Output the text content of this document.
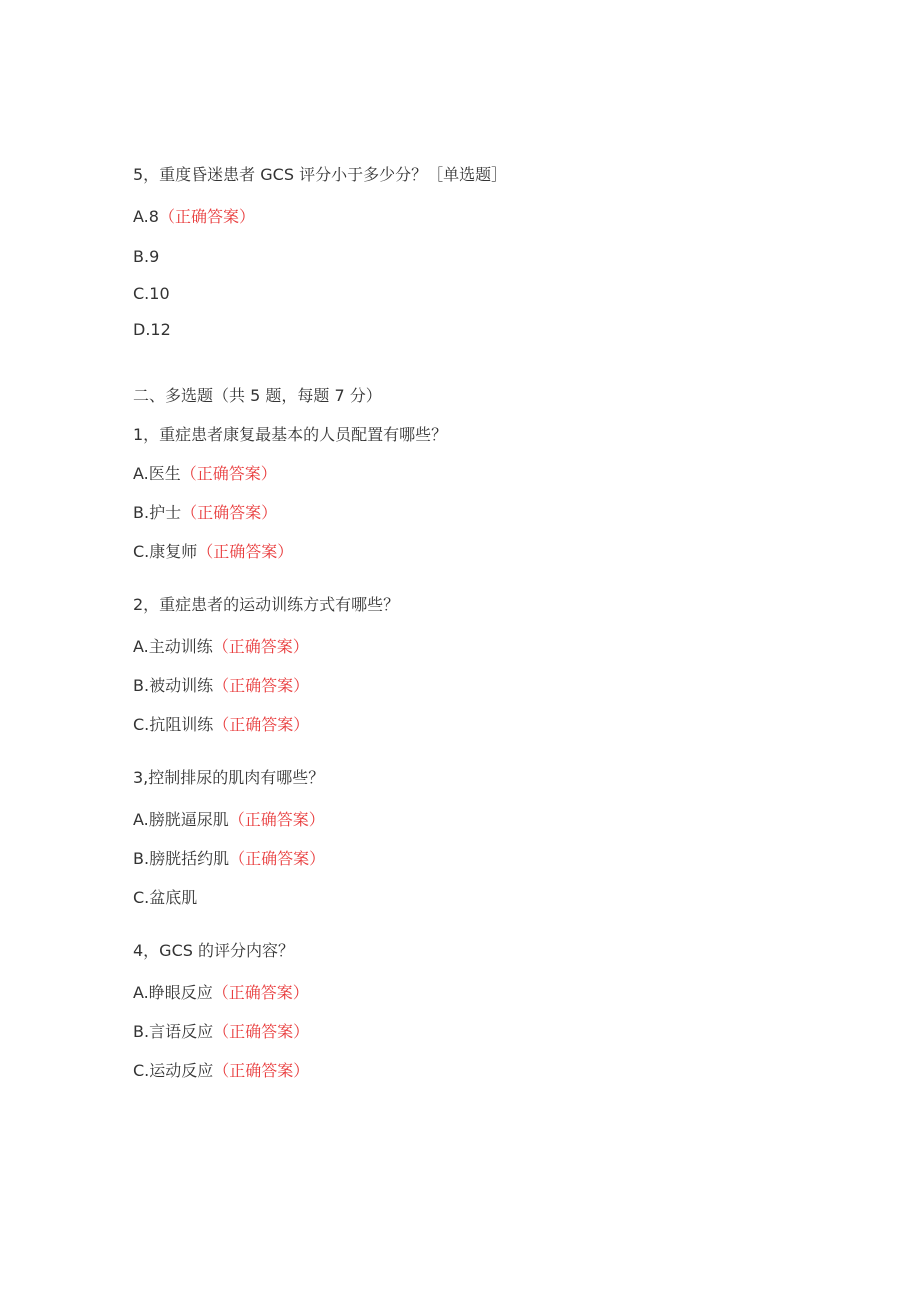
5，重度昏迷患者 GCS 评分小于多少分？［单选题］
A.8（正确答案）
B.9
C.10
D.12
二、多选题（共 5 题，每题 7 分）
1，重症患者康复最基本的人员配置有哪些？
A.医生（正确答案）
B.护士（正确答案）
C.康复师（正确答案）
2，重症患者的运动训练方式有哪些？
A.主动训练（正确答案）
B.被动训练（正确答案）
C.抗阻训练（正确答案）
3,控制排尿的肌肉有哪些？
A.膀胱逼尿肌（正确答案）
B.膀胱括约肌（正确答案）
C.盆底肌
4，GCS 的评分内容？
A.睁眼反应（正确答案）
B.言语反应（正确答案）
C.运动反应（正确答案）
